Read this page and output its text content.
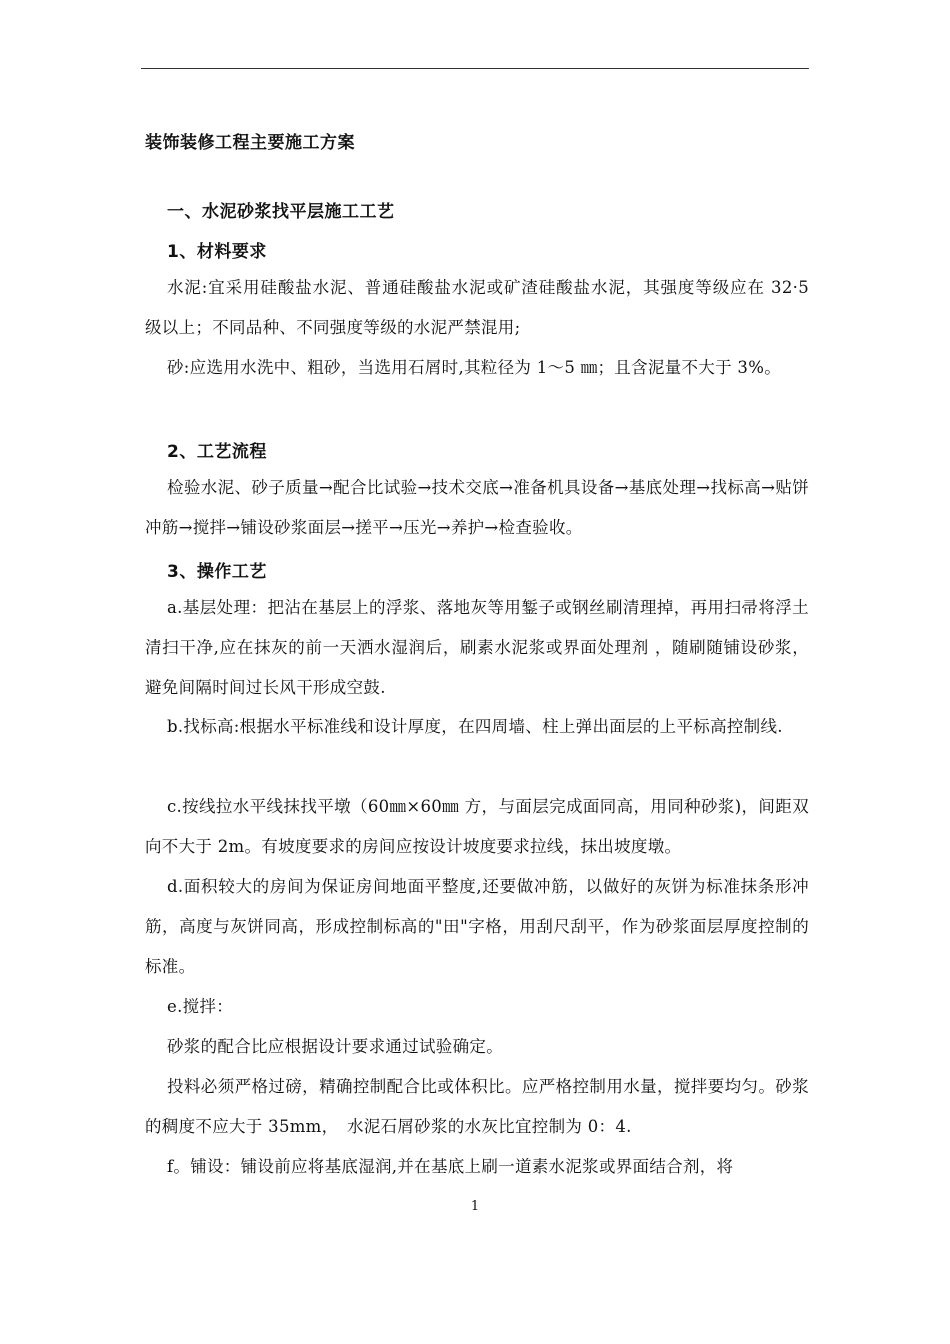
装饰装修工程主要施工方案
一、水泥砂浆找平层施工工艺
1、材料要求
水泥:宜采用硅酸盐水泥、普通硅酸盐水泥或矿渣硅酸盐水泥，其强度等级应在 32·5 级以上；不同品种、不同强度等级的水泥严禁混用;
砂:应选用水洗中、粗砂，当选用石屑时,其粒径为 1～5 ㎜；且含泥量不大于 3%。
2、工艺流程
检验水泥、砂子质量→配合比试验→技术交底→准备机具设备→基底处理→找标高→贴饼冲筋→搅拌→铺设砂浆面层→搓平→压光→养护→检查验收。
3、操作工艺
a.基层处理：把沾在基层上的浮浆、落地灰等用錾子或钢丝刷清理掉，再用扫帚将浮土清扫干净,应在抹灰的前一天洒水湿润后，刷素水泥浆或界面处理剂 ，随刷随铺设砂浆，避免间隔时间过长风干形成空鼓.
b.找标高:根据水平标准线和设计厚度，在四周墙、柱上弹出面层的上平标高控制线.
c.按线拉水平线抹找平墩（60㎜×60㎜ 方，与面层完成面同高，用同种砂浆)，间距双向不大于 2m。有坡度要求的房间应按设计坡度要求拉线，抹出坡度墩。
d.面积较大的房间为保证房间地面平整度,还要做冲筋，以做好的灰饼为标准抹条形冲筋，高度与灰饼同高，形成控制标高的"田"字格，用刮尺刮平，作为砂浆面层厚度控制的标准。
e.搅拌：
砂浆的配合比应根据设计要求通过试验确定。
投料必须严格过磅，精确控制配合比或体积比。应严格控制用水量，搅拌要均匀。砂浆的稠度不应大于 35mm，　水泥石屑砂浆的水灰比宜控制为 0：4.
f。铺设：铺设前应将基底湿润,并在基底上刷一道素水泥浆或界面结合剂，将
1
